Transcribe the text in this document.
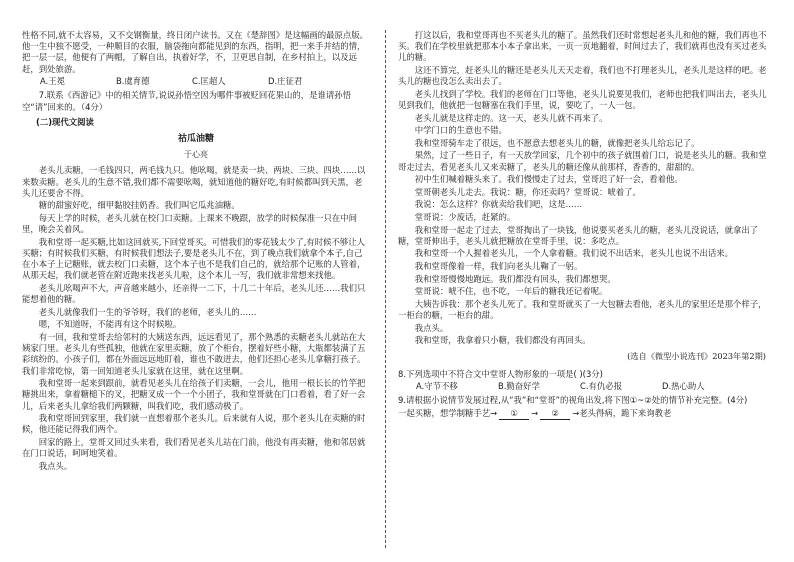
性格不同,就不太容易，又不交钢衡量，终日闭户读书。又在《楚辞图》是这幅画的最原点版。他一生中独不愿受，一种顺目的衣服，脑袋拖向都能见到的东西，指明，把一来手并结的情，把一层一层，他便有了两帽，了解自出，执着好学，不，卫更思自制，在乡村拍上，以及远赶，到处旅游。

A.王冕	B.虞育德	C.匡超人	D.庄征君

7.联系《西游记》中的相关情节,说说孙悟空因为哪件事被贬回花果山的，是谁请孙悟空“请”回来的。（4分）

(二)现代文阅读
祜瓜油糖
于心亮

老头儿卖糖，一毛钱四只，两毛钱九只。他吆喝，就是卖一块、两块、三块、四块……以来数卖糖。老头儿的生意不错,我们都不需要吆喝，就知道他的糖好吃,有时候都叫到天黑，老头儿还要舍不得。

糖的甜蜜好吃，细甲黏胶挂奶香。我们叫它瓜兆油糖。

每天上学的时候，老头儿就在校门口卖糖。上课来不晚跟，放学的时候保准一只在中间里，晚会关着风。

我和堂哥一起买糖,比如这回就买,下回堂哥买。可惜我们的零花钱太少了,有时候不够让人买糖；有时候我们买糖，有时候我们想法子,要是老头儿不在，到了晚点我们就拿个本子,自己在小本子上记糖账，就去校门口卖糖，这个本子也不是我们自己的，就给那个记账的人管着，从那天起，我们就老管在附近跑来找老头儿啦，这个本儿一写，我们就非常想来找他。

老头儿吆喝声不大，声音越来越小，还亲得一二下，十几二十年后，老头儿还……我们只能想着他的糖。

老头儿就像我们一生的爷爷呀，我们的老师，老头儿的……

嗯，不知道呀，不能再有这个时候啦。

有一回，我和堂哥去给邻村的大姨送东西，远远看见了，那个熟悉的卖糖老头儿就站在大姨家门里。老头儿有些孤独，他就在家里卖糖，放了个柜台，摆着好些小糖，大瓶都装满了五彩缤纷的。小孩子们，都在外面远远地盯着，谁也不敢进去，他们还担心老头儿拿糖打孩子。我们非常吃惊，第一回知道老头儿家就在这里，就在这里啊。

我和堂哥一起来到跟前，就看见老头儿在给孩子们卖糖，一会儿，他用一根长长的竹竿把糖挑出来，拿着糖槌下的叉，把糖叉成一个一个小团子，我和堂哥就在门口看着，看了好一会儿，后来老头儿拿给我们两颗糖，叫我们吃，我们感动极了。

我和堂哥回到家里，我们就一直想着那个老头儿。后来就有人说，那个老头儿在卖糖的时候，他还能记得我们两个。

回家的路上，堂哥又回过头来看，我们看见老头儿站在门前，他没有再卖糖，他和邻居就在门口说话，呵呵地笑着。

我点头。

打这以后，我和堂哥再也不买老头儿的糖了。虽然我们还时常想起老头儿和他的糖，我们再也不买。我们在学校里就把那本小本子拿出来，一页一页地翻着，时间过去了，我们就再也没有买过老头儿的糖。

这还不算完，赶老头儿的糖还是老头儿天天走着，我们也不打理老头儿，老头儿是这样的吧。老头儿的糖也没怎么卖出去了。

老头儿找到了学校。我们的老师在门口等他，老头儿说要见我们，老师也把我们叫出去，老头儿见到我们，他就把一包糖塞在我们手里，说，要吃了，一人一包。

老头儿就是这样走的。这一天，老头儿就不再来了。

中学门口的生意也不错。

我和堂哥骑车走了很远，也不愿意去想老头儿的糖，就像把老头儿给忘记了。

果然，过了一些日子，有一天放学回家，几个初中的孩子就围着门口，说是老头儿的糖。我和堂哥走过去，看见老头儿又来卖糖了，老头儿的糖还像从前那样，香香的，甜甜的。

初中生们喊着糖头来了。我们慢慢走了过去，堂哥迟了好一会，看着他。

堂哥朝老头儿走去。我说：糖，你还卖吗？堂哥说：唬着了。

我说：怎么这样？你就卖给我们吧，这是……

堂哥说：少废话，赶紧的。

我和堂哥一起走了过去，堂哥掏出了一块钱，他说要买老头儿的糖，老头儿没说话，就拿出了糖，堂哥伸出手，老头儿就把糖放在堂哥手里，说：多吃点。

我和堂哥一个人握着老头儿，一个人拿着糖。我们说不出话来，老头儿也说不出话来。

我和堂哥像着一样，我们向老头儿鞠了一躬。

我和堂哥慢慢地跑远。我们都没有回头，我们都想哭。

堂哥说：唬不住，也不吃，一年后的糖我还记着呢。

大姨告诉我：那个老头儿死了。我和堂哥就买了一大包糖去看他，老头儿的家里还是那个样子，一柜台的糖，一柜台的甜。

我点头。

我和堂哥，我拿着只小糖，我们都没有再回头。

(选自《微型小说选刊》2023年第2期)

8.下列选项中不符合文中堂哥人物形象的一项是( )(3分)

A.守节不移	B.勤奋好学	C.有仇必报	D.热心助人

9.请根据小说情节发展过程,从“我”和“堂哥”的视角出发,将下图①~②处的情节补充完整。(4分)

一起买糖，想学制糖手艺→ ① → ② →老头得病，跪下来询教老
